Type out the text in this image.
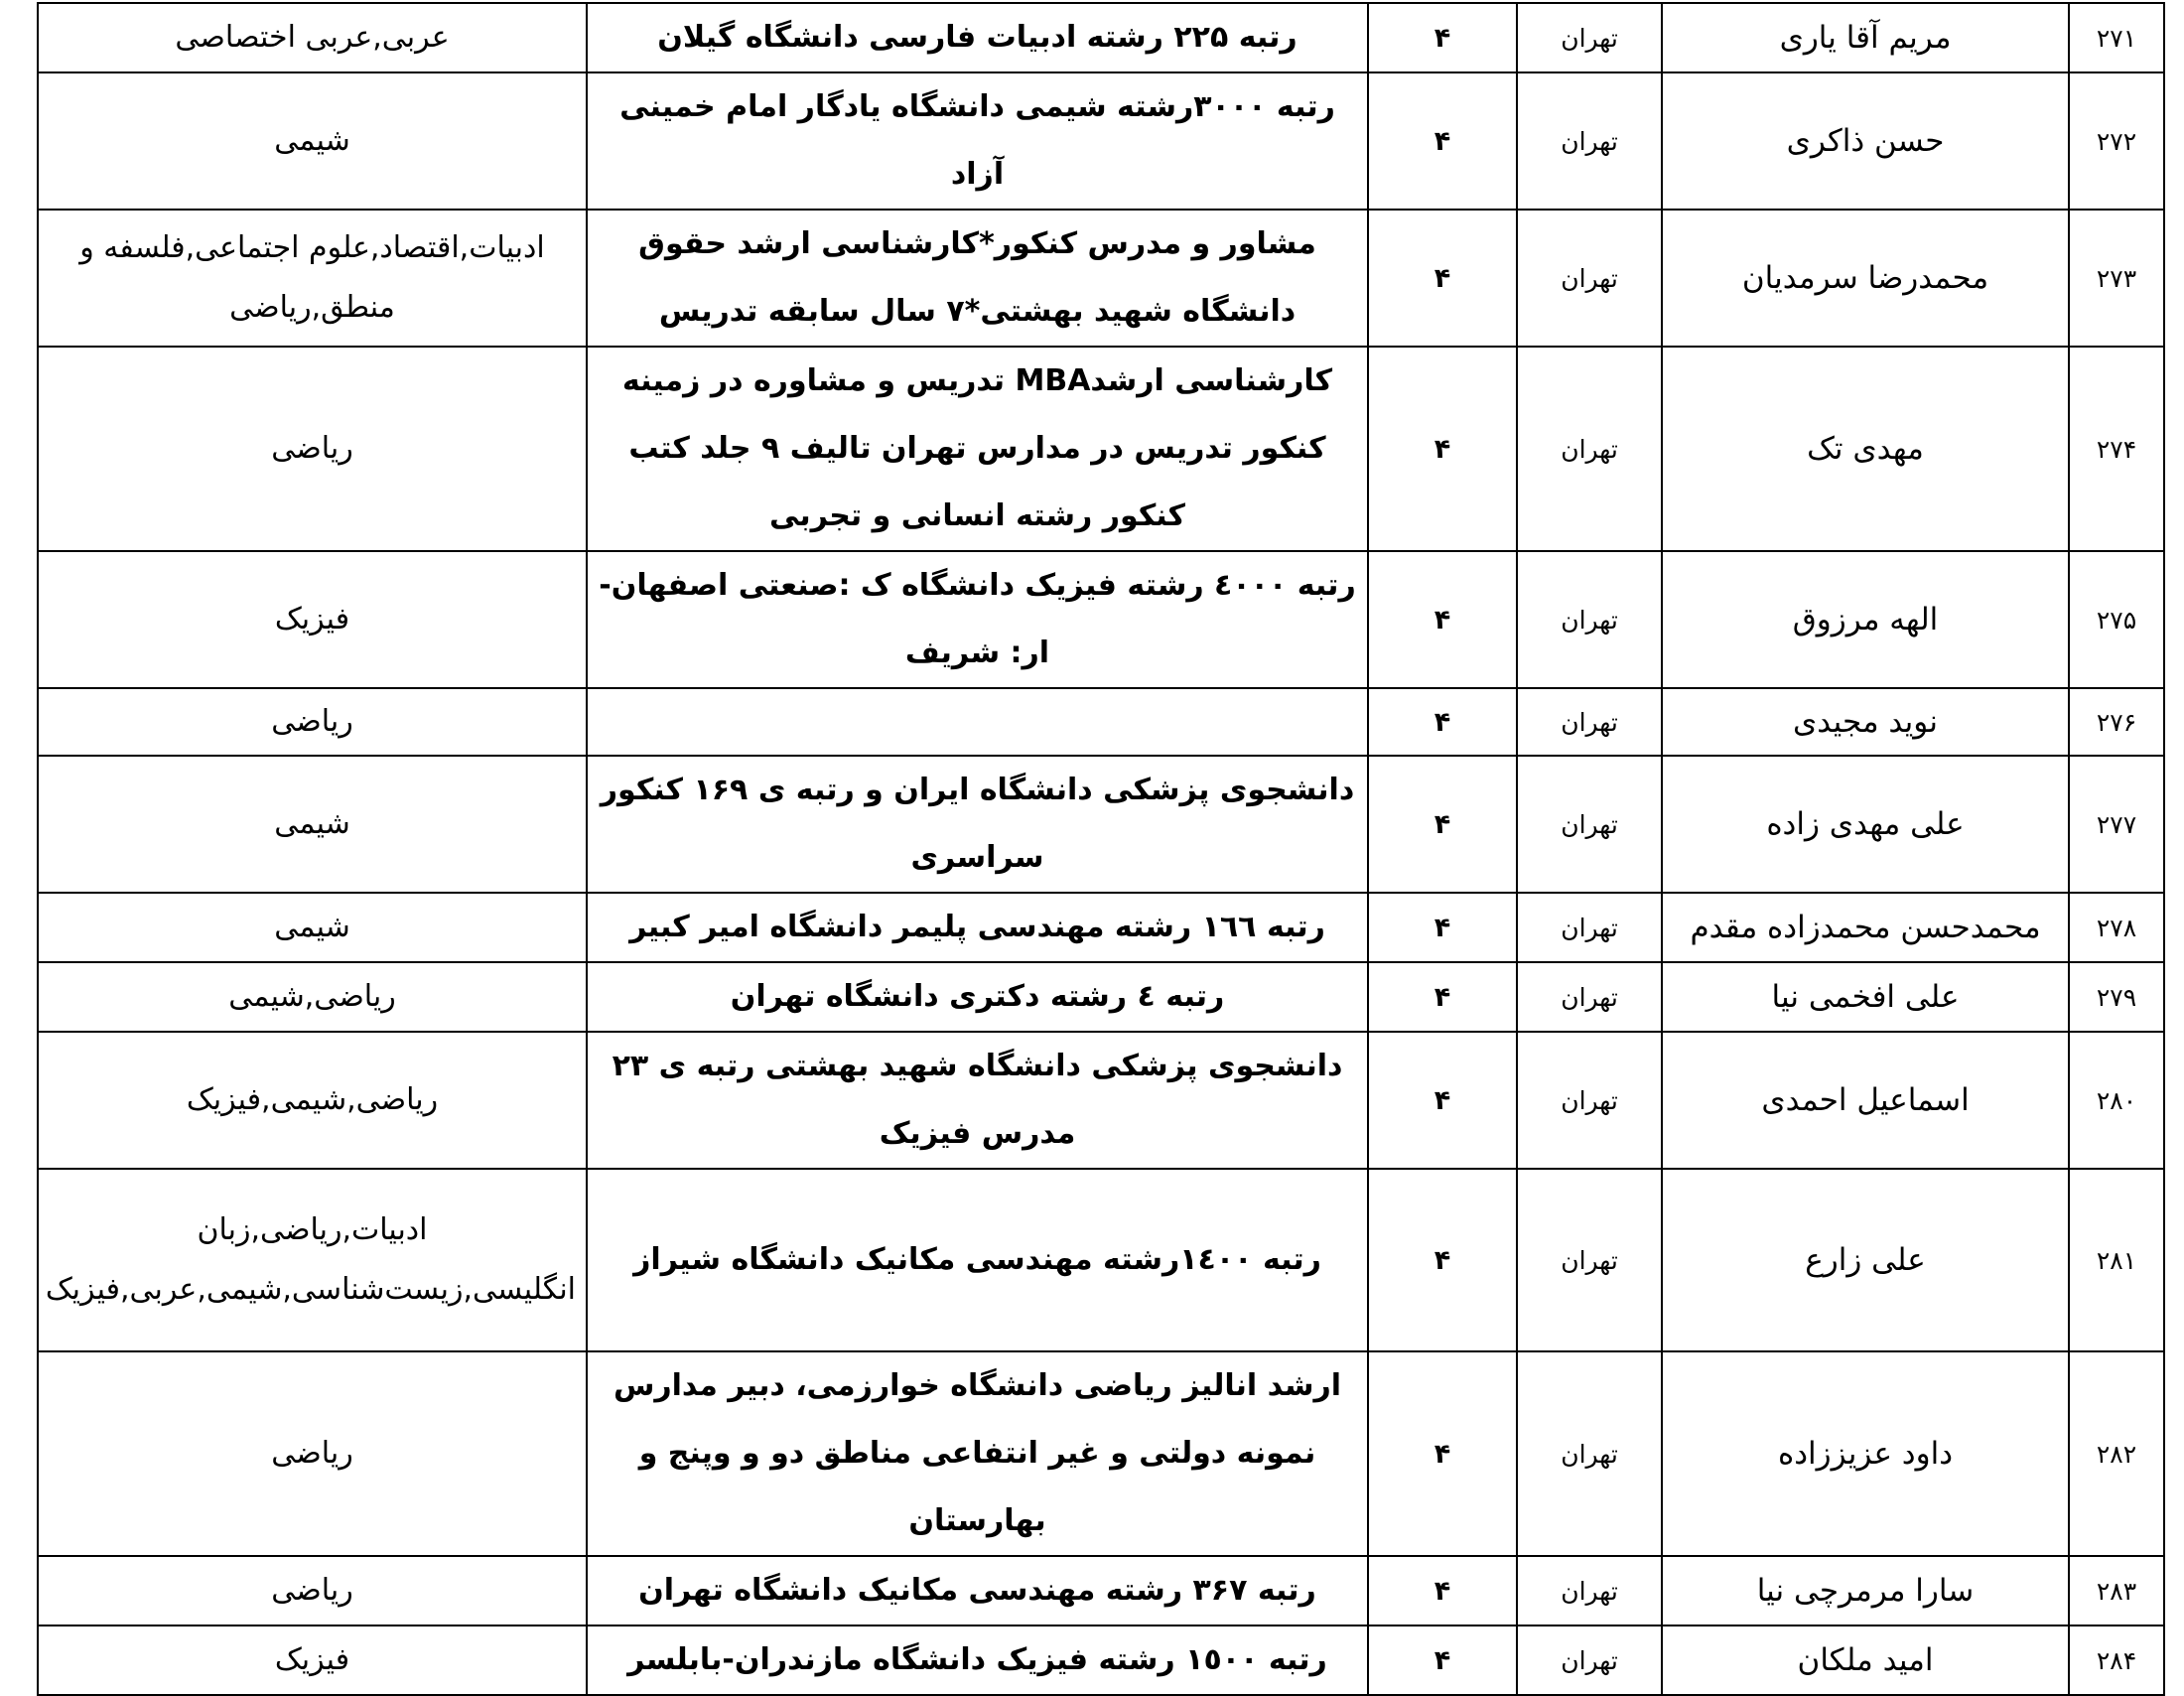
۲۷۱	مریم آقا یاری	تهران	۴	رتبه ۲۲۵ رشته ادبیات فارسی دانشگاه گیلان	عربی,عربی اختصاصی
۲۷۲	حسن ذاکری	تهران	۴	رتبه ۳۰۰۰رشته شیمی دانشگاه یادگار امام خمینی آزاد	شیمی
۲۷۳	محمدرضا سرمدیان	تهران	۴	مشاور و مدرس کنکور*کارشناسی ارشد حقوق دانشگاه شهید بهشتی*۷ سال سابقه تدریس	ادبیات,اقتصاد,علوم اجتماعی,فلسفه و منطق,ریاضی
۲۷۴	مهدی تک	تهران	۴	کارشناسی ارشدMBA تدریس و مشاوره در زمینه کنکور تدریس در مدارس تهران تالیف ۹ جلد کتب کنکور رشته انسانی و تجربی	ریاضی
۲۷۵	الهه مرزوق	تهران	۴	رتبه ٤٠٠٠ رشته فیزیک دانشگاه ک :صنعتی اصفهان-ار: شریف	فیزیک
۲۷۶	نوید مجیدی	تهران	۴		ریاضی
۲۷۷	علی مهدی زاده	تهران	۴	دانشجوی پزشکی دانشگاه ایران و رتبه ی ۱۶۹ کنکور سراسری	شیمی
۲۷۸	محمدحسن محمدزاده مقدم	تهران	۴	رتبه ١٦٦ رشته مهندسی پلیمر دانشگاه امیر کبیر	شیمی
۲۷۹	علی افخمی نیا	تهران	۴	رتبه ٤ رشته دکتری دانشگاه تهران	ریاضی,شیمی
۲۸۰	اسماعیل احمدی	تهران	۴	دانشجوی پزشکی دانشگاه شهید بهشتی رتبه ی ۲۳ مدرس فیزیک	ریاضی,شیمی,فیزیک
۲۸۱	علی زارع	تهران	۴	رتبه ١٤٠٠رشته مهندسی مکانیک دانشگاه شیراز	ادبیات,ریاضی,زبان انگلیسی,زیست‌شناسی,شیمی,عربی,فیزیک
۲۸۲	داود عزیززاده	تهران	۴	ارشد انالیز ریاضی دانشگاه خوارزمی، دبیر مدارس نمونه دولتی و غیر انتفاعی مناطق دو و وپنج و بهارستان	ریاضی
۲۸۳	سارا مرمرچی نیا	تهران	۴	رتبه ۳۶۷ رشته مهندسی مکانیک دانشگاه تهران	ریاضی
۲۸۴	امید ملکان	تهران	۴	رتبه ١٥٠٠ رشته فیزیک دانشگاه مازندران-بابلسر	فیزیک
